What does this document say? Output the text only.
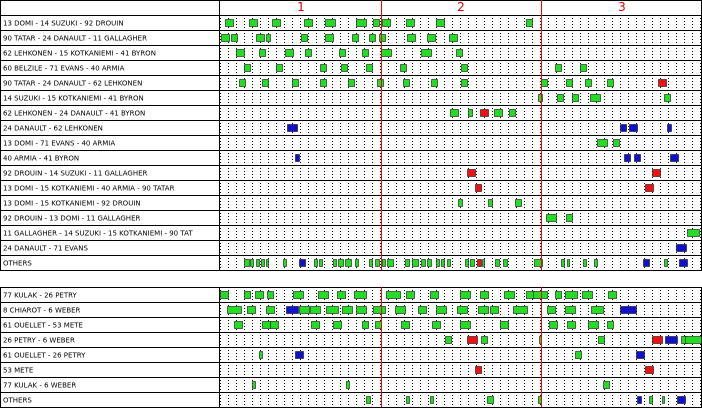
1	2	3
13 DOMI - 14 SUZUKI - 92 DROUIN
90 TATAR - 24 DANAULT - 11 GALLAGHER
62 LEHKONEN - 15 KOTKANIEMI - 41 BYRON
60 BELZILE - 71 EVANS - 40 ARMIA
90 TATAR - 24 DANAULT - 62 LEHKONEN
14 SUZUKI - 15 KOTKANIEMI - 41 BYRON
62 LEHKONEN - 24 DANAULT - 41 BYRON
24 DANAULT - 62 LEHKONEN
13 DOMI - 71 EVANS - 40 ARMIA
40 ARMIA - 41 BYRON
92 DROUIN - 14 SUZUKI - 11 GALLAGHER
13 DOMI - 15 KOTKANIEMI - 40 ARMIA - 90 TATAR
13 DOMI - 15 KOTKANIEMI - 92 DROUIN
92 DROUIN - 13 DOMI - 11 GALLAGHER
11 GALLAGHER - 14 SUZUKI - 15 KOTKANIEMI - 90 TAT
24 DANAULT - 71 EVANS
OTHERS
77 KULAK - 26 PETRY
8 CHIAROT - 6 WEBER
61 OUELLET - 53 METE
26 PETRY - 6 WEBER
61 OUELLET - 26 PETRY
53 METE
77 KULAK - 6 WEBER
OTHERS
